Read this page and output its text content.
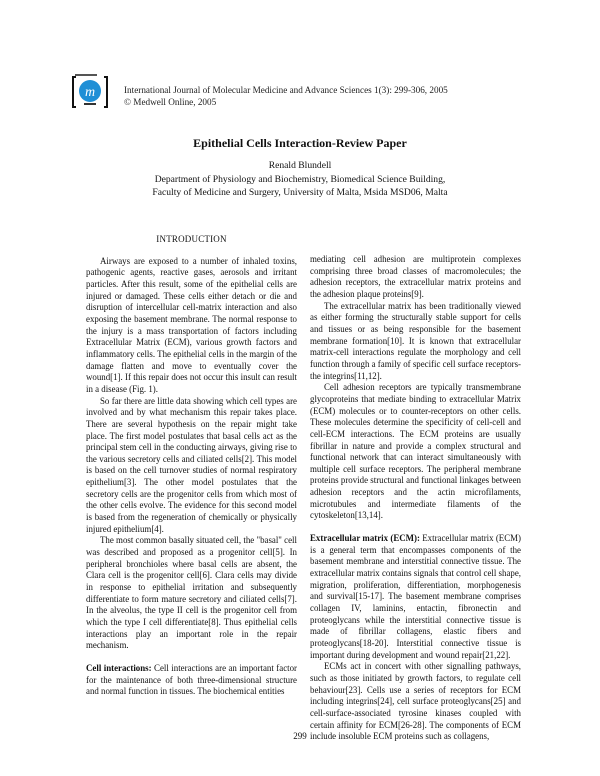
m	International Journal of Molecular Medicine and Advance Sciences 1(3): 299-306, 2005
© Medwell Online, 2005
Epithelial Cells Interaction-Review Paper
Renald Blundell
Department of Physiology and Biochemistry, Biomedical Science Building,
Faculty of Medicine and Surgery, University of Malta, Msida MSD06, Malta
INTRODUCTION

Airways are exposed to a number of inhaled toxins, pathogenic agents, reactive gases, aerosols and irritant particles. After this result, some of the epithelial cells are injured or damaged. These cells either detach or die and disruption of intercellular cell-matrix interaction and also exposing the basement membrane. The normal response to the injury is a mass transportation of factors including Extracellular Matrix (ECM), various growth factors and inflammatory cells. The epithelial cells in the margin of the damage flatten and move to eventually cover the wound[1]. If this repair does not occur this insult can result in a disease (Fig. 1).

So far there are little data showing which cell types are involved and by what mechanism this repair takes place. There are several hypothesis on the repair might take place. The first model postulates that basal cells act as the principal stem cell in the conducting airways, giving rise to the various secretory cells and ciliated cells[2]. This model is based on the cell turnover studies of normal respiratory epithelium[3]. The other model postulates that the secretory cells are the progenitor cells from which most of the other cells evolve. The evidence for this second model is based from the regeneration of chemically or physically injured epithelium[4].

The most common basally situated cell, the "basal" cell was described and proposed as a progenitor cell[5]. In peripheral bronchioles where basal cells are absent, the Clara cell is the progenitor cell[6]. Clara cells may divide in response to epithelial irritation and subsequently differentiate to form mature secretory and ciliated cells[7]. In the alveolus, the type II cell is the progenitor cell from which the type I cell differentiate[8]. Thus epithelial cells interactions play an important role in the repair mechanism.

Cell interactions: Cell interactions are an important factor for the maintenance of both three-dimensional structure and normal function in tissues. The biochemical entities

mediating cell adhesion are multiprotein complexes comprising three broad classes of macromolecules; the adhesion receptors, the extracellular matrix proteins and the adhesion plaque proteins[9].

The extracellular matrix has been traditionally viewed as either forming the structurally stable support for cells and tissues or as being responsible for the basement membrane formation[10]. It is known that extracellular matrix-cell interactions regulate the morphology and cell function through a family of specific cell surface receptors-the integrins[11,12].

Cell adhesion receptors are typically transmembrane glycoproteins that mediate binding to extracellular Matrix (ECM) molecules or to counter-receptors on other cells. These molecules determine the specificity of cell-cell and cell-ECM interactions. The ECM proteins are usually fibrillar in nature and provide a complex structural and functional network that can interact simultaneously with multiple cell surface receptors. The peripheral membrane proteins provide structural and functional linkages between adhesion receptors and the actin microfilaments, microtubules and intermediate filaments of the cytoskeleton[13,14].

Extracellular matrix (ECM): Extracellular matrix (ECM) is a general term that encompasses components of the basement membrane and interstitial connective tissue. The extracellular matrix contains signals that control cell shape, migration, proliferation, differentiation, morphogenesis and survival[15-17]. The basement membrane comprises collagen IV, laminins, entactin, fibronectin and proteoglycans while the interstitial connective tissue is made of fibrillar collagens, elastic fibers and proteoglycans[18-20]. Interstitial connective tissue is important during development and wound repair[21,22].

ECMs act in concert with other signalling pathways, such as those initiated by growth factors, to regulate cell behaviour[23]. Cells use a series of receptors for ECM including integrins[24], cell surface proteoglycans[25] and cell-surface-associated tyrosine kinases coupled with certain affinity for ECM[26-28]. The components of ECM include insoluble ECM proteins such as collagens,

299
